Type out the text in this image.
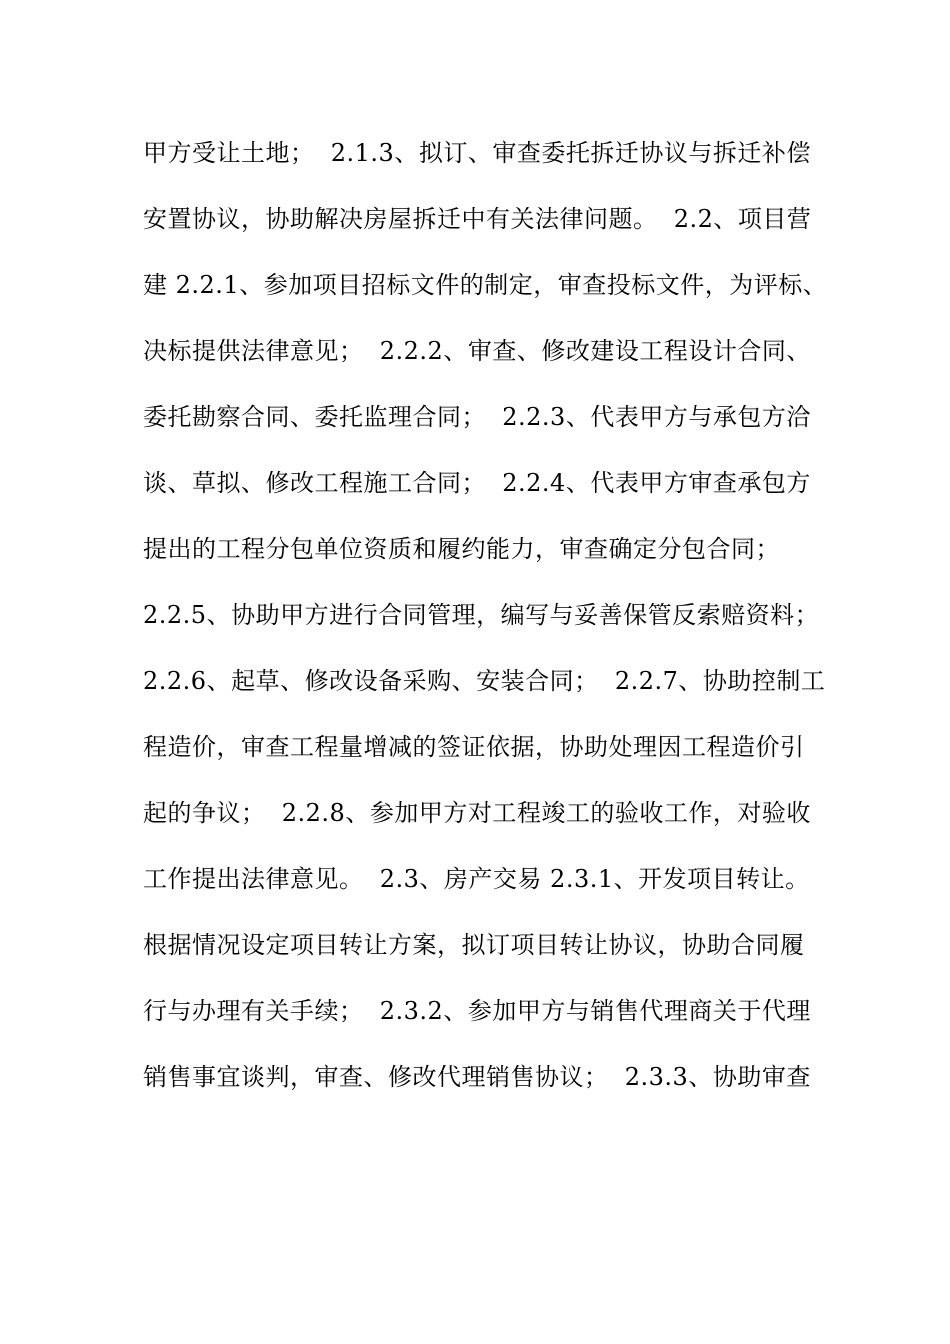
甲方受让土地；  2.1.3、拟订、审查委托拆迁协议与拆迁补偿
安置协议，协助解决房屋拆迁中有关法律问题。  2.2、项目营
建 2.2.1、参加项目招标文件的制定，审查投标文件，为评标、
决标提供法律意见；  2.2.2、审查、修改建设工程设计合同、
委托勘察合同、委托监理合同；  2.2.3、代表甲方与承包方洽
谈、草拟、修改工程施工合同；  2.2.4、代表甲方审查承包方
提出的工程分包单位资质和履约能力，审查确定分包合同；
2.2.5、协助甲方进行合同管理，编写与妥善保管反索赔资料；
2.2.6、起草、修改设备采购、安装合同；  2.2.7、协助控制工
程造价，审查工程量增减的签证依据，协助处理因工程造价引
起的争议；  2.2.8、参加甲方对工程竣工的验收工作，对验收
工作提出法律意见。  2.3、房产交易 2.3.1、开发项目转让。
根据情况设定项目转让方案，拟订项目转让协议，协助合同履
行与办理有关手续；  2.3.2、参加甲方与销售代理商关于代理
销售事宜谈判，审查、修改代理销售协议；  2.3.3、协助审查
